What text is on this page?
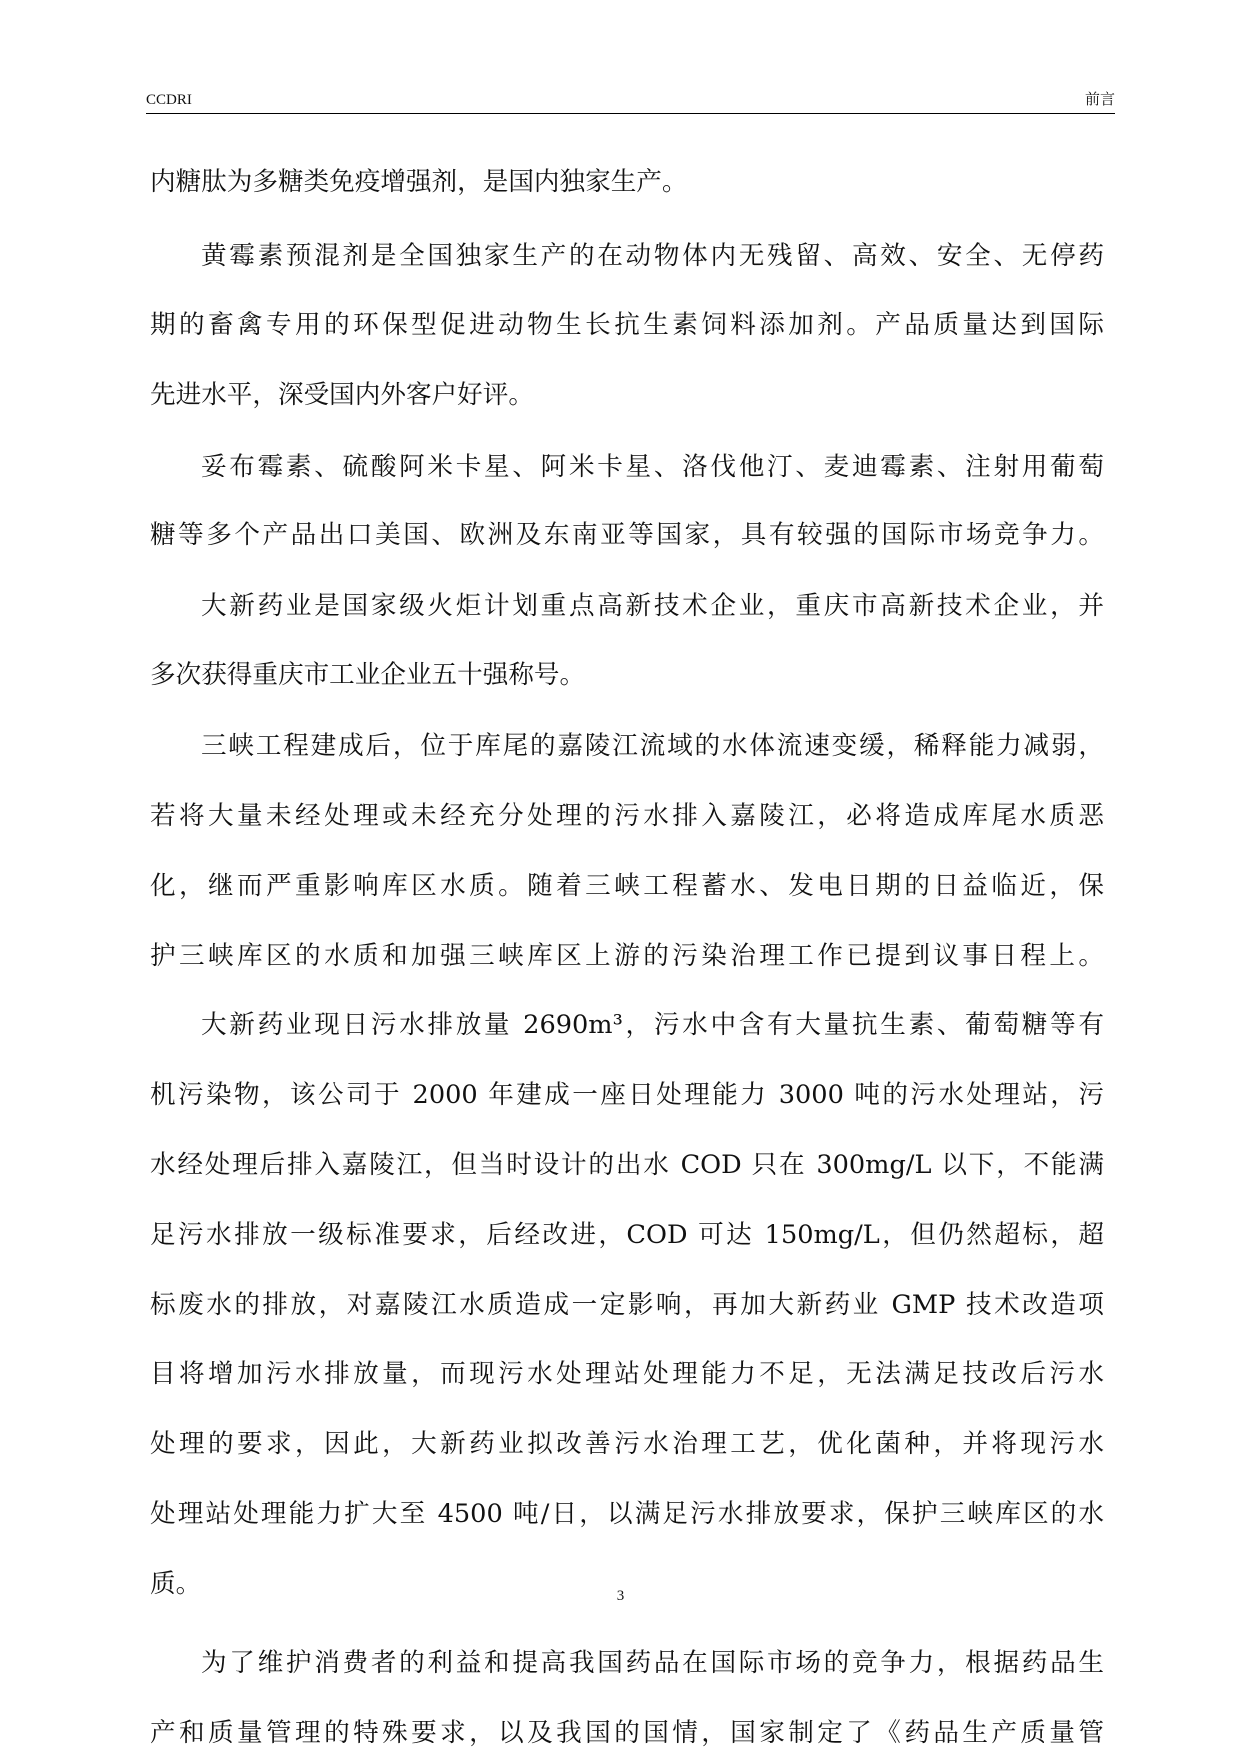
CCDRI	前言
内糖肽为多糖类免疫增强剂，是国内独家生产。
黄霉素预混剂是全国独家生产的在动物体内无残留、高效、安全、无停药
期的畜禽专用的环保型促进动物生长抗生素饲料添加剂。产品质量达到国际
先进水平，深受国内外客户好评。
妥布霉素、硫酸阿米卡星、阿米卡星、洛伐他汀、麦迪霉素、注射用葡萄
糖等多个产品出口美国、欧洲及东南亚等国家，具有较强的国际市场竞争力。
大新药业是国家级火炬计划重点高新技术企业，重庆市高新技术企业，并
多次获得重庆市工业企业五十强称号。
三峡工程建成后，位于库尾的嘉陵江流域的水体流速变缓，稀释能力减弱，
若将大量未经处理或未经充分处理的污水排入嘉陵江，必将造成库尾水质恶
化，继而严重影响库区水质。随着三峡工程蓄水、发电日期的日益临近，保
护三峡库区的水质和加强三峡库区上游的污染治理工作已提到议事日程上。
大新药业现日污水排放量 2690m³，污水中含有大量抗生素、葡萄糖等有
机污染物，该公司于 2000 年建成一座日处理能力 3000 吨的污水处理站，污
水经处理后排入嘉陵江，但当时设计的出水 COD 只在 300mg/L 以下，不能满
足污水排放一级标准要求，后经改进，COD 可达 150mg/L，但仍然超标，超
标废水的排放，对嘉陵江水质造成一定影响，再加大新药业 GMP 技术改造项
目将增加污水排放量，而现污水处理站处理能力不足，无法满足技改后污水
处理的要求，因此，大新药业拟改善污水治理工艺，优化菌种，并将现污水
处理站处理能力扩大至 4500 吨/日，以满足污水排放要求，保护三峡库区的水
质。
为了维护消费者的利益和提高我国药品在国际市场的竞争力，根据药品生
产和质量管理的特殊要求，以及我国的国情，国家制定了《药品生产质量管
3
